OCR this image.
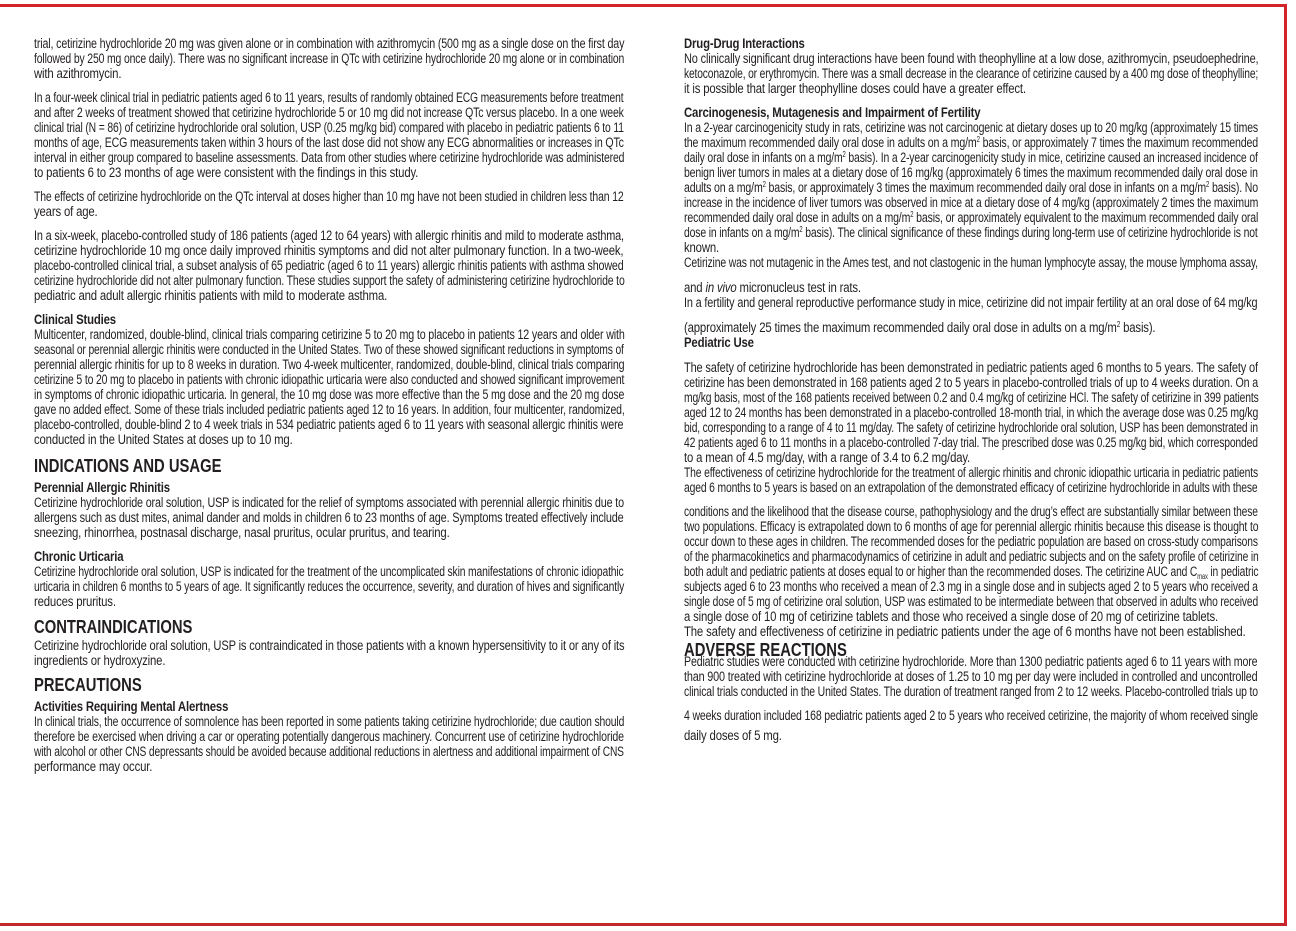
trial, cetirizine hydrochloride 20 mg was given alone or in combination with azithromycin (500 mg as a single dose on the first day
followed by 250 mg once daily). There was no significant increase in QTc with cetirizine hydrochloride 20 mg alone or in combination
with azithromycin.
In a four-week clinical trial in pediatric patients aged 6 to 11 years, results of randomly obtained ECG measurements before treatment
and after 2 weeks of treatment showed that cetirizine hydrochloride 5 or 10 mg did not increase QTc versus placebo. In a one week
clinical trial (N = 86) of cetirizine hydrochloride oral solution, USP (0.25 mg/kg bid) compared with placebo in pediatric patients 6 to 11
months of age, ECG measurements taken within 3 hours of the last dose did not show any ECG abnormalities or increases in QTc
interval in either group compared to baseline assessments. Data from other studies where cetirizine hydrochloride was administered
to patients 6 to 23 months of age were consistent with the findings in this study.
The effects of cetirizine hydrochloride on the QTc interval at doses higher than 10 mg have not been studied in children less than 12
years of age.
In a six-week, placebo-controlled study of 186 patients (aged 12 to 64 years) with allergic rhinitis and mild to moderate asthma,
cetirizine hydrochloride 10 mg once daily improved rhinitis symptoms and did not alter pulmonary function. In a two-week,
placebo-controlled clinical trial, a subset analysis of 65 pediatric (aged 6 to 11 years) allergic rhinitis patients with asthma showed
cetirizine hydrochloride did not alter pulmonary function. These studies support the safety of administering cetirizine hydrochloride to
pediatric and adult allergic rhinitis patients with mild to moderate asthma.
Clinical Studies
Multicenter, randomized, double-blind, clinical trials comparing cetirizine 5 to 20 mg to placebo in patients 12 years and older with
seasonal or perennial allergic rhinitis were conducted in the United States. Two of these showed significant reductions in symptoms of
perennial allergic rhinitis for up to 8 weeks in duration. Two 4-week multicenter, randomized, double-blind, clinical trials comparing
cetirizine 5 to 20 mg to placebo in patients with chronic idiopathic urticaria were also conducted and showed significant improvement
in symptoms of chronic idiopathic urticaria. In general, the 10 mg dose was more effective than the 5 mg dose and the 20 mg dose
gave no added effect. Some of these trials included pediatric patients aged 12 to 16 years. In addition, four multicenter, randomized,
placebo-controlled, double-blind 2 to 4 week trials in 534 pediatric patients aged 6 to 11 years with seasonal allergic rhinitis were
conducted in the United States at doses up to 10 mg.
INDICATIONS AND USAGE
Perennial Allergic Rhinitis
Cetirizine hydrochloride oral solution, USP is indicated for the relief of symptoms associated with perennial allergic rhinitis due to
allergens such as dust mites, animal dander and molds in children 6 to 23 months of age. Symptoms treated effectively include
sneezing, rhinorrhea, postnasal discharge, nasal pruritus, ocular pruritus, and tearing.
Chronic Urticaria
Cetirizine hydrochloride oral solution, USP is indicated for the treatment of the uncomplicated skin manifestations of chronic idiopathic
urticaria in children 6 months to 5 years of age. It significantly reduces the occurrence, severity, and duration of hives and significantly
reduces pruritus.
CONTRAINDICATIONS
Cetirizine hydrochloride oral solution, USP is contraindicated in those patients with a known hypersensitivity to it or any of its
ingredients or hydroxyzine.
PRECAUTIONS
Activities Requiring Mental Alertness
In clinical trials, the occurrence of somnolence has been reported in some patients taking cetirizine hydrochloride; due caution should
therefore be exercised when driving a car or operating potentially dangerous machinery. Concurrent use of cetirizine hydrochloride
with alcohol or other CNS depressants should be avoided because additional reductions in alertness and additional impairment of CNS
performance may occur.
Drug-Drug Interactions
No clinically significant drug interactions have been found with theophylline at a low dose, azithromycin, pseudoephedrine,
ketoconazole, or erythromycin. There was a small decrease in the clearance of cetirizine caused by a 400 mg dose of theophylline;
it is possible that larger theophylline doses could have a greater effect.
Carcinogenesis, Mutagenesis and Impairment of Fertility
In a 2-year carcinogenicity study in rats, cetirizine was not carcinogenic at dietary doses up to 20 mg/kg (approximately 15 times
the maximum recommended daily oral dose in adults on a $mg/m^2$ basis, or approximately 7 times the maximum recommended
daily oral dose in infants on a $mg/m^2$ basis). In a 2-year carcinogenicity study in mice, cetirizine caused an increased incidence of
benign liver tumors in males at a dietary dose of 16 mg/kg (approximately 6 times the maximum recommended daily oral dose in
adults on a $mg/m^2$ basis, or approximately 3 times the maximum recommended daily oral dose in infants on a $mg/m^2$ basis). No
increase in the incidence of liver tumors was observed in mice at a dietary dose of 4 mg/kg (approximately 2 times the maximum
recommended daily oral dose in adults on a $mg/m^2$ basis, or approximately equivalent to the maximum recommended daily oral
dose in infants on a $mg/m^2$ basis). The clinical significance of these findings during long-term use of cetirizine hydrochloride is not
known.
Cetirizine was not mutagenic in the Ames test, and not clastogenic in the human lymphocyte assay, the mouse lymphoma assay,
and in vivo micronucleus test in rats.
In a fertility and general reproductive performance study in mice, cetirizine did not impair fertility at an oral dose of 64 mg/kg
(approximately 25 times the maximum recommended daily oral dose in adults on a $mg/m^2$ basis).
Pediatric Use
The safety of cetirizine hydrochloride has been demonstrated in pediatric patients aged 6 months to 5 years. The safety of
cetirizine has been demonstrated in 168 patients aged 2 to 5 years in placebo-controlled trials of up to 4 weeks duration. On a
mg/kg basis, most of the 168 patients received between 0.2 and 0.4 mg/kg of cetirizine HCl. The safety of cetirizine in 399 patients
aged 12 to 24 months has been demonstrated in a placebo-controlled 18-month trial, in which the average dose was 0.25 mg/kg
bid, corresponding to a range of 4 to 11 mg/day. The safety of cetirizine hydrochloride oral solution, USP has been demonstrated in
42 patients aged 6 to 11 months in a placebo-controlled 7-day trial. The prescribed dose was 0.25 mg/kg bid, which corresponded
to a mean of 4.5 mg/day, with a range of 3.4 to 6.2 mg/day.
The effectiveness of cetirizine hydrochloride for the treatment of allergic rhinitis and chronic idiopathic urticaria in pediatric patients
aged 6 months to 5 years is based on an extrapolation of the demonstrated efficacy of cetirizine hydrochloride in adults with these
conditions and the likelihood that the disease course, pathophysiology and the drug’s effect are substantially similar between these
two populations. Efficacy is extrapolated down to 6 months of age for perennial allergic rhinitis because this disease is thought to
occur down to these ages in children. The recommended doses for the pediatric population are based on cross-study comparisons
of the pharmacokinetics and pharmacodynamics of cetirizine in adult and pediatric subjects and on the safety profile of cetirizine in
both adult and pediatric patients at doses equal to or higher than the recommended doses. The cetirizine AUC and $C_{max}$ in pediatric
subjects aged 6 to 23 months who received a mean of 2.3 mg in a single dose and in subjects aged 2 to 5 years who received a
single dose of 5 mg of cetirizine oral solution, USP was estimated to be intermediate between that observed in adults who received
a single dose of 10 mg of cetirizine tablets and those who received a single dose of 20 mg of cetirizine tablets.
The safety and effectiveness of cetirizine in pediatric patients under the age of 6 months have not been established.
ADVERSE REACTIONS
Pediatric studies were conducted with cetirizine hydrochloride. More than 1300 pediatric patients aged 6 to 11 years with more
than 900 treated with cetirizine hydrochloride at doses of 1.25 to 10 mg per day were included in controlled and uncontrolled
clinical trials conducted in the United States. The duration of treatment ranged from 2 to 12 weeks. Placebo-controlled trials up to
4 weeks duration included 168 pediatric patients aged 2 to 5 years who received cetirizine, the majority of whom received single
daily doses of 5 mg.
